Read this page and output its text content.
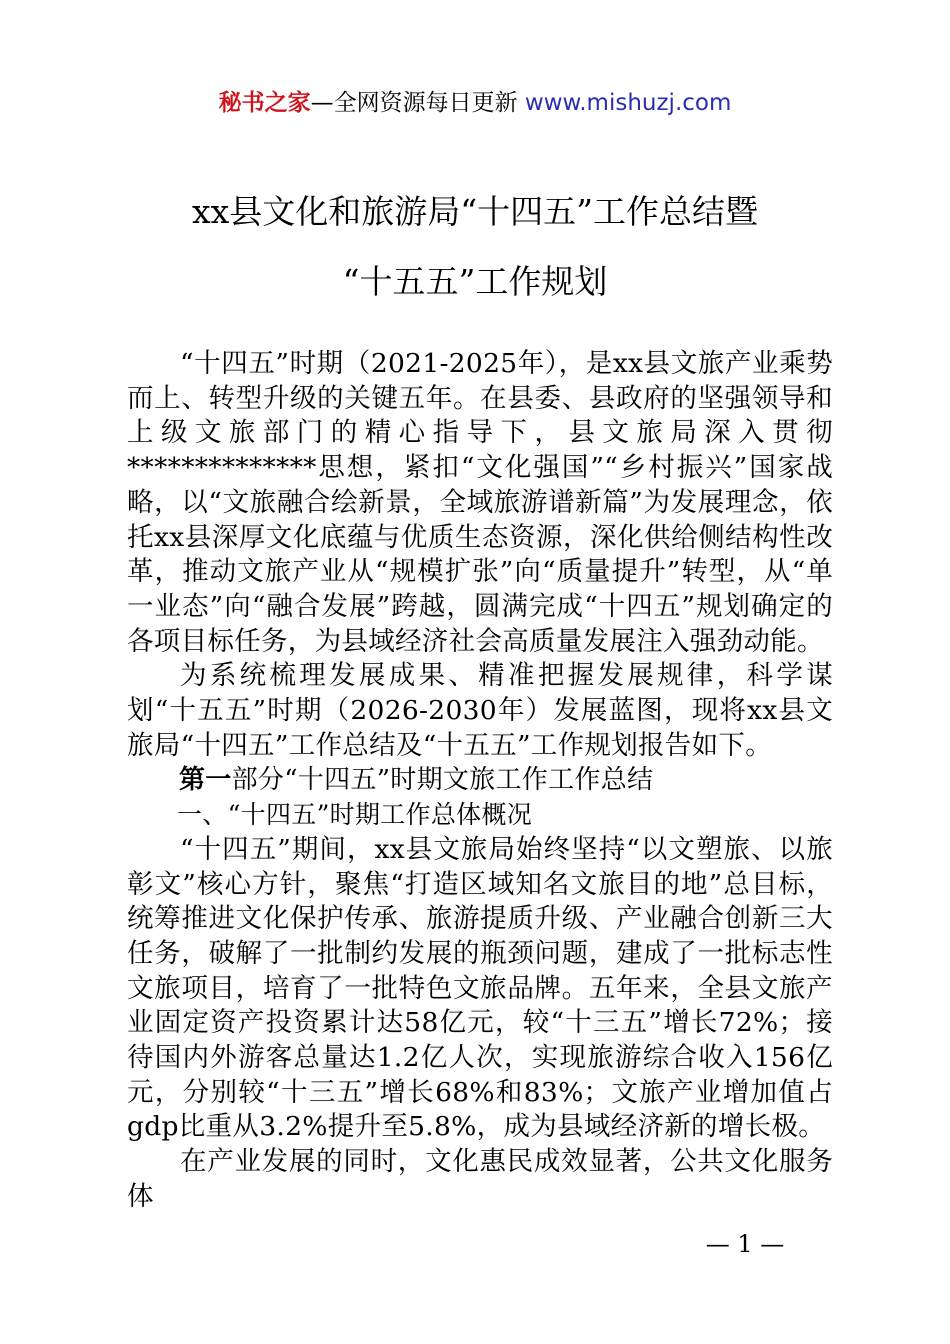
秘书之家—全网资源每日更新 www.mishuzj.com
xx县文化和旅游局“十四五”工作总结暨
“十五五”工作规划

“十四五”时期（2021-2025年），是xx县文旅产业乘势而上、转型升级的关键五年。在县委、县政府的坚强领导和上级文旅部门的精心指导下，县文旅局深入贯彻**************思想，紧扣“文化强国”“乡村振兴”国家战略，以“文旅融合绘新景，全域旅游谱新篇”为发展理念，依托xx县深厚文化底蕴与优质生态资源，深化供给侧结构性改革，推动文旅产业从“规模扩张”向“质量提升”转型，从“单一业态”向“融合发展”跨越，圆满完成“十四五”规划确定的各项目标任务，为县域经济社会高质量发展注入强劲动能。

为系统梳理发展成果、精准把握发展规律，科学谋划“十五五”时期（2026-2030年）发展蓝图，现将xx县文旅局“十四五”工作总结及“十五五”工作规划报告如下。

第一部分“十四五”时期文旅工作工作总结

一、“十四五”时期工作总体概况

“十四五”期间，xx县文旅局始终坚持“以文塑旅、以旅彰文”核心方针，聚焦“打造区域知名文旅目的地”总目标，统筹推进文化保护传承、旅游提质升级、产业融合创新三大任务，破解了一批制约发展的瓶颈问题，建成了一批标志性文旅项目，培育了一批特色文旅品牌。五年来，全县文旅产业固定资产投资累计达58亿元，较“十三五”增长72%；接待国内外游客总量达1.2亿人次，实现旅游综合收入156亿元，分别较“十三五”增长68%和83%；文旅产业增加值占gdp比重从3.2%提升至5.8%，成为县域经济新的增长极。

在产业发展的同时，文化惠民成效显著，公共文化服务体

— 1 —
